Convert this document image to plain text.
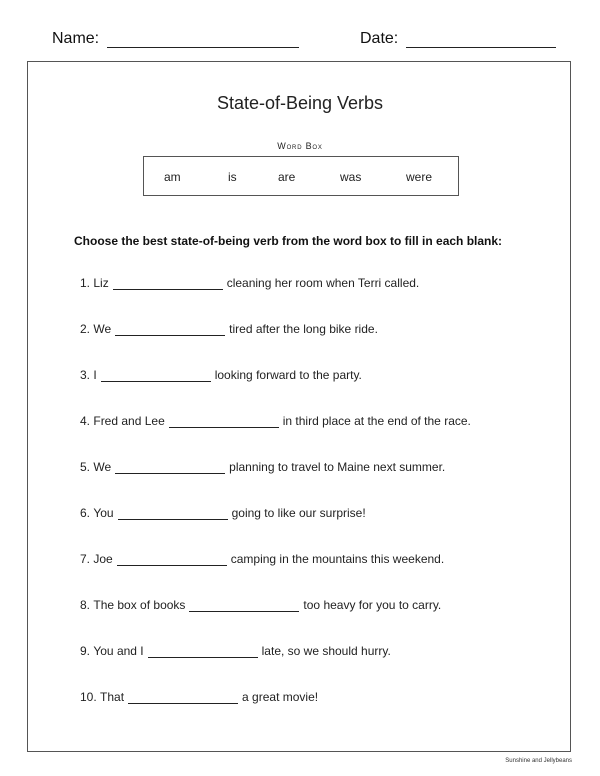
Name:	Date:
State-of-Being Verbs
Word Box
am	is	are	was	were
Choose the best state-of-being verb from the word box to fill in each blank:
1.
Liz	cleaning her room when Terri called.
2.
We	tired after the long bike ride.
3.
I	looking forward to the party.
4.
Fred and Lee	in third place at the end of the race.
5.
We	planning to travel to Maine next summer.
6.
You	going to like our surprise!
7.
Joe	camping in the mountains this weekend.
8.
The box of books	too heavy for you to carry.
9.
You and I	late, so we should hurry.
10.
That	a great movie!
Sunshine and Jellybeans
